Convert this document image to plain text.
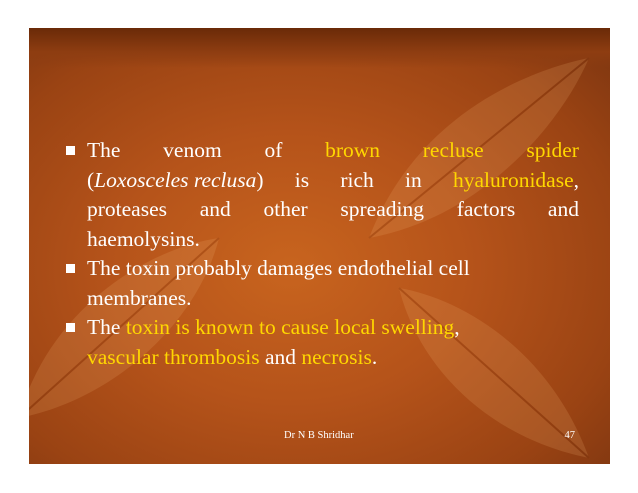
The venom of brown recluse spider
(Loxosceles reclusa) is rich in hyaluronidase,
proteases and other spreading factors and
haemolysins.
The toxin probably damages endothelial cell
membranes.
The toxin is known to cause local swelling,
vascular thrombosis and necrosis.
Dr N B Shridhar	47
